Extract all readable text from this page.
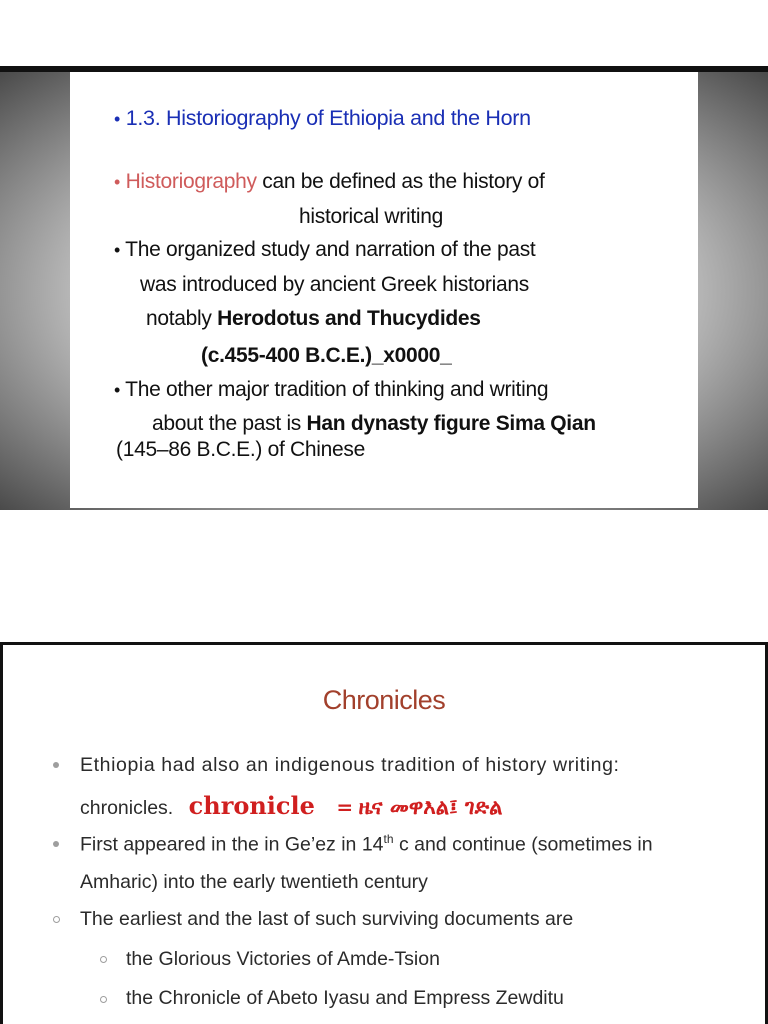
• 1.3. Historiography of Ethiopia and the Horn
• Historiography can be defined as the history of
historical writing
• The organized study and narration of the past
was introduced by ancient Greek historians
notably Herodotus and Thucydides
(c.455-400 B.C.E.)_x0000_
• The other major tradition of thinking and writing
about the past is Han dynasty figure Sima Qian
(145–86 B.C.E.) of Chinese
Chronicles
Ethiopia had also an indigenous tradition of history writing:
chronicles. chronicle = ዜና መዋእል፤ ገድል
First appeared in the in Ge’ez in 14th c and continue (sometimes in
Amharic) into the early twentieth century
The earliest and the last of such surviving documents are
the Glorious Victories of Amde-Tsion
the Chronicle of Abeto Iyasu and Empress Zewditu
